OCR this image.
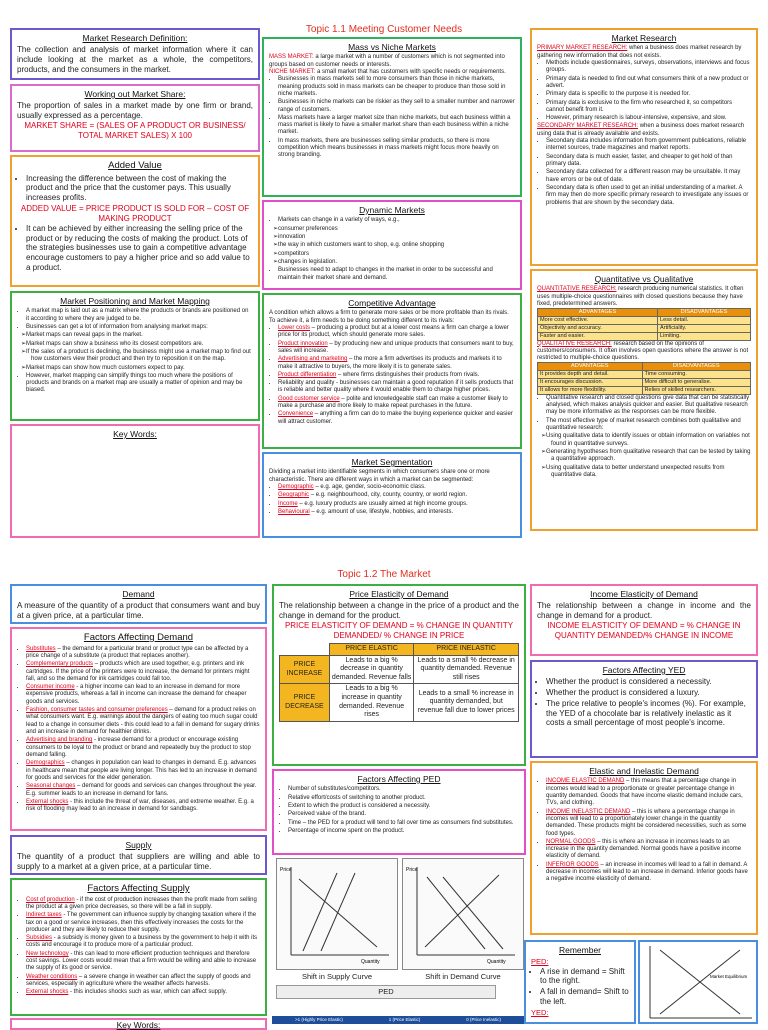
Topic 1.1 Meeting Customer Needs
Market Research Definition:
The collection and analysis of market information where it can include looking at the market as a whole, the competitors, products, and the consumers in the market.
Working out Market Share:
The proportion of sales in a market made by one firm or brand, usually expressed as a percentage.
MARKET SHARE = (SALES OF A PRODUCT OR BUSINESS/ TOTAL MARKET SALES) X 100
Added Value
• Increasing the difference between the cost of making the product and the price that the customer pays. This usually increases profits.
ADDED VALUE = PRICE PRODUCT IS SOLD FOR – COST OF MAKING PRODUCT
• It can be achieved by either increasing the selling price of the product or by reducing the costs of making the product. Lots of the strategies businesses use to gain a competitive advantage encourage customers to pay a higher price and so add value to a product.
Market Positioning and Market Mapping
• A market map is laid out as a matrix where the products or brands are positioned on it according to where they are judged to be.
• Businesses can get a lot of information from analysing market maps:
➢ Market maps can reveal gaps in the market.
➢ Market maps can show a business who its closest competitors are.
➢ If the sales of a product is declining, the business might use a market map to find out how customers view their product and then try to reposition it on the map.
➢ Market maps can show how much customers expect to pay.
• However, market mapping can simplify things too much where the positions of products and brands on a market map are usually a matter of opinion and may be biased.
Key Words:
Mass vs Niche Markets
MASS MARKET: a large market with a number of customers which is not segmented into groups based on customer needs or interests.
NICHE MARKET: a small market that has customers with specific needs or requirements.
• Businesses in mass markets sell to more consumers than those in niche markets, meaning products sold in mass markets can be cheaper to produce than those sold in niche markets.
• Businesses in niche markets can be riskier as they sell to a smaller number and narrower range of customers.
• Mass markets have a larger market size than niche markets, but each business within a mass market is likely to have a smaller market share than each business within a niche market.
• In mass markets, there are businesses selling similar products, so there is more competition which means businesses in mass markets might focus more heavily on strong branding.
Dynamic Markets
• Markets can change in a variety of ways, e.g.,
➢ consumer preferences
➢ innovation
➢ the way in which customers want to shop, e.g. online shopping
➢ competitors
➢ changes in legislation.
• Businesses need to adapt to changes in the market in order to be successful and maintain their market share and demand.
Competitive Advantage
A condition which allows a firm to generate more sales or be more profitable than its rivals. To achieve it, a firm needs to be doing something different to its rivals:
• Lower costs – producing a product but at a lower cost means a firm can charge a lower price for its product, which should generate more sales.
• Product innovation – by producing new and unique products that consumers want to buy, sales will increase.
• Advertising and marketing – the more a firm advertises its products and markets it to make it attractive to buyers, the more likely it is to generate sales.
• Product differentiation – where firms distinguishes their products from rivals.
• Reliability and quality - businesses can maintain a good reputation if it sells products that is reliable and better quality where it would enable them to charge higher prices.
• Good customer service – polite and knowledgeable staff can make a customer likely to make a purchase and more likely to make repeat purchases in the future.
• Convenience – anything a firm can do to make the buying experience quicker and easier will attract customer.
Market Segmentation
Dividing a market into identifiable segments in which consumers share one or more characteristic. There are different ways in which a market can be segmented:
• Demographic – e.g. age, gender, socio-economic class.
• Geographic – e.g. neighbourhood, city, county, country, or world region.
• Income – e.g. luxury products are usually aimed at high income groups.
• Behavioural – e.g. amount of use, lifestyle, hobbies, and interests.
Market Research
PRIMARY MARKET RESEARCH: when a business does market research by gathering new information that does not exists.
• Methods include questionnaires, surveys, observations, interviews and focus groups.
• Primary data is needed to find out what consumers think of a new product or advert.
• Primary data is specific to the purpose it is needed for.
• Primary data is exclusive to the firm who researched it, so competitors cannot benefit from it.
• However, primary research is labour-intensive, expensive, and slow.
SECONDARY MARKET RESEARCH: when a business does market research using data that is already available and exists.
• Secondary data includes information from government publications, reliable internet sources, trade magazines and market reports.
• Secondary data is much easier, faster, and cheaper to get hold of than primary data.
• Secondary data collected for a different reason may be unsuitable. It may have errors or be out of date.
• Secondary data is often used to get an initial understanding of a market. A firm may then do more specific primary research to investigate any issues or problems that are shown by the secondary data.
Quantitative vs Qualitative
QUANTITATIVE RESEARCH: research producing numerical statistics. It often uses multiple-choice questionnaires with closed questions because they have fixed, predetermined answers.
ADVANTAGES	DISADVANTAGES
More cost effective.	Less detail.
Objectivity and accuracy.	Artificiality.
Faster and easier.	Limiting.
QUALITATIVE RESEARCH: research based on the opinions of customers/consumers. It often involves open questions where the answer is not restricted to multiple-choice questions.
ADVANTAGES	DISADVANTAGES
It provides depth and detail.	Time consuming.
It encourages discussion.	More difficult to generalise.
It allows for more flexibility.	Relies of skilled researchers.
• Quantitative research and closed questions give data that can be statistically analysed, which makes analysis quicker and easier. But qualitative research may be more informative as the responses can be more flexible.
• The most effective type of market research combines both qualitative and quantitative research:
➢ Using qualitative data to identify issues or obtain information on variables not found in quantitative surveys.
➢ Generating hypotheses from qualitative research that can be tested by taking a quantitative approach.
➢ Using qualitative data to better understand unexpected results from quantitative data.
Topic 1.2 The Market
Demand
A measure of the quantity of a product that consumers want and buy at a given price, at a particular time.
Factors Affecting Demand
• Substitutes – the demand for a particular brand or product type can be affected by a price change of a substitute (a product that replaces another).
• Complementary products – products which are used together, e.g. printers and ink cartridges. If the price of the printers were to increase, the demand for printers might fall, and so the demand for ink cartridges could fall too.
• Consumer income - a higher income can lead to an increase in demand for more expensive products, whereas a fall in income can increase the demand for cheaper goods and services.
• Fashion, consumer tastes and consumer preferences – demand for a product relies on what consumers want. E.g. warnings about the dangers of eating too much sugar could lead to a change in consumer diets - this could lead to a fall in demand for sugary drinks and an increase in demand for healthier drinks.
• Advertising and branding - increase demand for a product or encourage existing consumers to be loyal to the product or brand and repeatedly buy the product to stop demand falling.
• Demographics – changes in population can lead to changes in demand. E.g. advances in healthcare mean that people are living longer. This has led to an increase in demand for goods and services for the elder generation.
• Seasonal changes – demand for goods and services can changes throughout the year. E.g. summer leads to an increase in demand for fans.
• External shocks - this include the threat of war, diseases, and extreme weather. E.g. a risk of flooding may lead to an increase in demand for sandbags.
Supply
The quantity of a product that suppliers are willing and able to supply to a market at a given price, at a particular time.
Factors Affecting Supply
• Cost of production - if the cost of production increases then the profit made from selling the product at a given price decreases, so there will be a fall in supply.
• Indirect taxes - The government can influence supply by changing taxation where if the tax on a good or service increases, then this effectively increases the costs for the producer and they are likely to reduce their supply.
• Subsidies - a subsidy is money given to a business by the government to help it with its costs and encourage it to produce more of a particular product.
• New technology - this can lead to more efficient production techniques and therefore cost savings. Lower costs would mean that a firm would be willing and able to increase the supply of its good or service.
• Weather conditions – a severe change in weather can affect the supply of goods and services, especially in agriculture where the weather affects harvests.
• External shocks - this includes shocks such as war, which can affect supply.
Key Words:
Price Elasticity of Demand
The relationship between a change in the price of a product and the change in demand for the product.
PRICE ELASTICITY OF DEMAND = % CHANGE IN QUANTITY DEMANDED/ % CHANGE IN PRICE
	PRICE ELASTIC	PRICE INELASTIC
PRICE INCREASE	Leads to a big % decrease in quantity demanded. Revenue falls	Leads to a small % decrease in quantity demanded. Revenue still rises
PRICE DECREASE	Leads to a big % increase in quantity demanded. Revenue rises	Leads to a small % increase in quantity demanded, but revenue fall due to lower prices
Factors Affecting PED
• Number of substitutes/competitors.
• Relative effort/costs of switching to another product.
• Extent to which the product is considered a necessity.
• Perceived value of the brand.
• Time – the PED for a product will tend to fall over time as consumers find substitutes.
• Percentage of income spent on the product.
Price
Quantity
Shift in Supply Curve
Price
Quantity
Shift in Demand Curve
PED
>1 (Highly Price Elastic)	1 (Price Elastic)	0 (Price Inelastic)
Income Elasticity of Demand
The relationship between a change in income and the change in demand for a product.
INCOME ELASTICITY OF DEMAND = % CHANGE IN QUANTITY DEMANDED/% CHANGE IN INCOME
Factors Affecting YED
• Whether the product is considered a necessity.
• Whether the product is considered a luxury.
• The price relative to people's incomes (%). For example, the YED of a chocolate bar is relatively inelastic as it costs a small percentage of most people's income.
Elastic and Inelastic Demand
• INCOME ELASTIC DEMAND – this means that a percentage change in incomes would lead to a proportionate or greater percentage change in quantity demanded. Goods that have income elastic demand include cars, TVs, and clothing.
• INCOME INELASTIC DEMAND – this is where a percentage change in incomes will lead to a proportionately lower change in the quantity demanded. These products might be considered necessities, such as some food types.
• NORMAL GOODS – this is where an increase in incomes leads to an increase in the quantity demanded. Normal goods have a positive income elasticity of demand.
• INFERIOR GOODS – an increase in incomes will lead to a fall in demand. A decrease in incomes will lead to an increase in demand. Inferior goods have a negative income elasticity of demand.
Remember
PED:
• A rise in demand = Shift to the right.
• A fall in demand= Shift to the left.
YED:
Market Equilibrium
